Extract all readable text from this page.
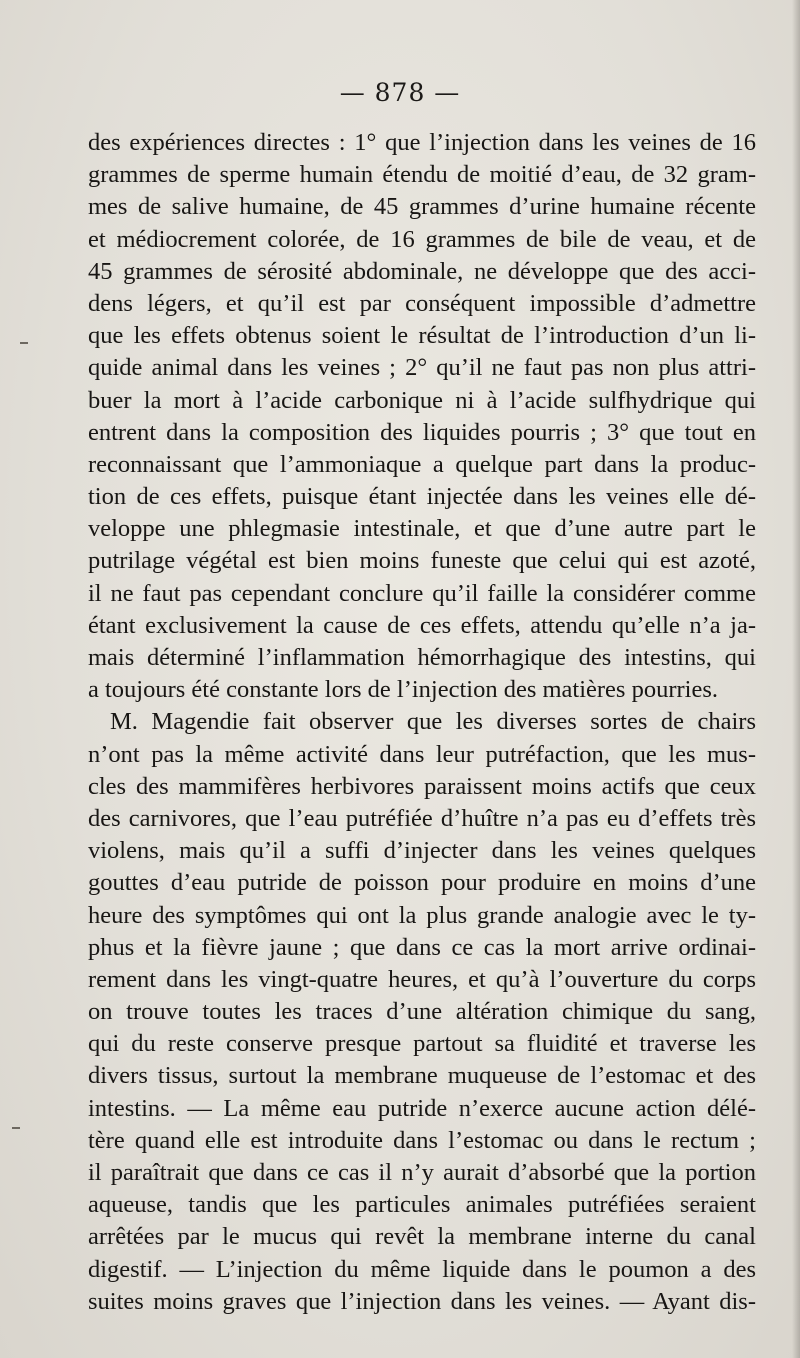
— 878 —

des expériences directes : 1° que l’injection dans les veines de 16

grammes de sperme humain étendu de moitié d’eau, de 32 gram-

mes de salive humaine, de 45 grammes d’urine humaine récente

et médiocrement colorée, de 16 grammes de bile de veau, et de

45 grammes de sérosité abdominale, ne développe que des acci-

dens légers, et qu’il est par conséquent impossible d’admettre

que les effets obtenus soient le résultat de l’introduction d’un li-

quide animal dans les veines ; 2° qu’il ne faut pas non plus attri-

buer la mort à l’acide carbonique ni à l’acide sulfhydrique qui

entrent dans la composition des liquides pourris ; 3° que tout en

reconnaissant que l’ammoniaque a quelque part dans la produc-

tion de ces effets, puisque étant injectée dans les veines elle dé-

veloppe une phlegmasie intestinale, et que d’une autre part le

putrilage végétal est bien moins funeste que celui qui est azoté,

il ne faut pas cependant conclure qu’il faille la considérer comme

étant exclusivement la cause de ces effets, attendu qu’elle n’a ja-

mais déterminé l’inflammation hémorrhagique des intestins, qui

a toujours été constante lors de l’injection des matières pourries.

M. Magendie fait observer que les diverses sortes de chairs

n’ont pas la même activité dans leur putréfaction, que les mus-

cles des mammifères herbivores paraissent moins actifs que ceux

des carnivores, que l’eau putréfiée d’huître n’a pas eu d’effets très

violens, mais qu’il a suffi d’injecter dans les veines quelques

gouttes d’eau putride de poisson pour produire en moins d’une

heure des symptômes qui ont la plus grande analogie avec le ty-

phus et la fièvre jaune ; que dans ce cas la mort arrive ordinai-

rement dans les vingt-quatre heures, et qu’à l’ouverture du corps

on trouve toutes les traces d’une altération chimique du sang,

qui du reste conserve presque partout sa fluidité et traverse les

divers tissus, surtout la membrane muqueuse de l’estomac et des

intestins. — La même eau putride n’exerce aucune action délé-

tère quand elle est introduite dans l’estomac ou dans le rectum ;

il paraîtrait que dans ce cas il n’y aurait d’absorbé que la portion

aqueuse, tandis que les particules animales putréfiées seraient

arrêtées par le mucus qui revêt la membrane interne du canal

digestif. — L’injection du même liquide dans le poumon a des

suites moins graves que l’injection dans les veines. — Ayant dis-
